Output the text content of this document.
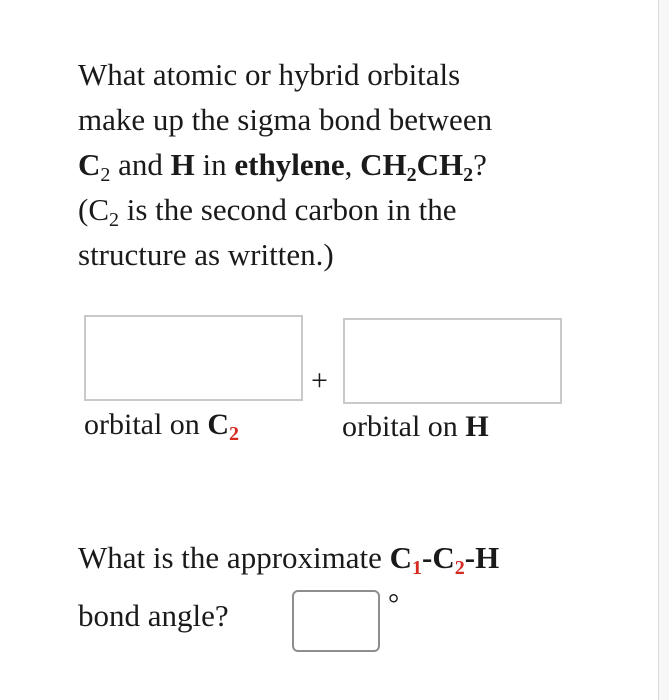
What atomic or hybrid orbitals
make up the sigma bond between
$C_2$ and H in ethylene, $CH_2CH_2$?
($C_2$ is the second carbon in the
structure as written.)
+
orbital on $C_2$	orbital on H
What is the approximate $C_1-C_2-H$
bond angle?	°
